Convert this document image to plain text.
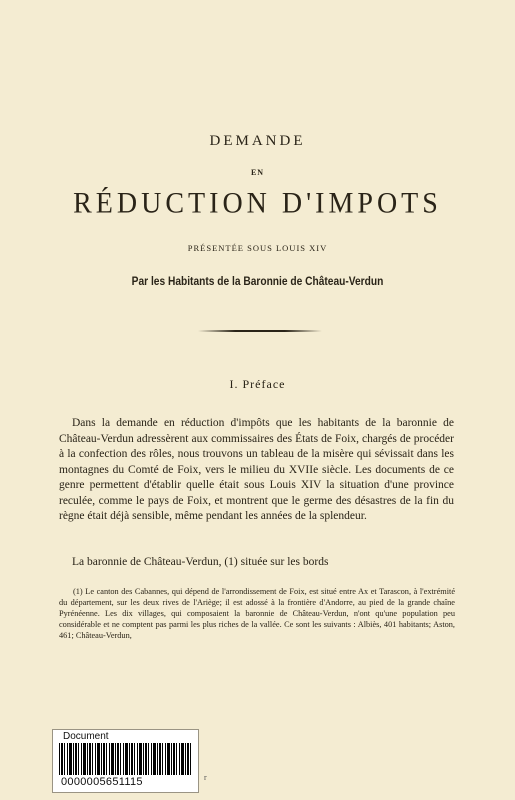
DEMANDE
EN
RÉDUCTION D'IMPOTS
PRÉSENTÉE SOUS LOUIS XIV
Par les Habitants de la Baronnie de Château-Verdun
I. Préface
Dans la demande en réduction d'impôts que les habitants de la baronnie de Château-Verdun adressèrent aux commissaires des États de Foix, chargés de procéder à la confection des rôles, nous trouvons un tableau de la misère qui sévissait dans les montagnes du Comté de Foix, vers le milieu du XVIIe siècle. Les documents de ce genre permettent d'établir quelle était sous Louis XIV la situation d'une province reculée, comme le pays de Foix, et montrent que le germe des désastres de la fin du règne était déjà sensible, même pendant les années de la splendeur.
La baronnie de Château-Verdun, (1) située sur les bords

(1) Le canton des Cabannes, qui dépend de l'arrondissement de Foix, est situé entre Ax et Tarascon, à l'extrémité du département, sur les deux rives de l'Ariège; il est adossé à la frontière d'Andorre, au pied de la grande chaîne Pyrénéenne. Les dix villages, qui composaient la baronnie de Château-Verdun, n'ont qu'une population peu considérable et ne comptent pas parmi les plus riches de la vallée. Ce sont les suivants : Albiès, 401 habitants; Aston, 461; Château-Verdun,

Document
0000005651115	r
